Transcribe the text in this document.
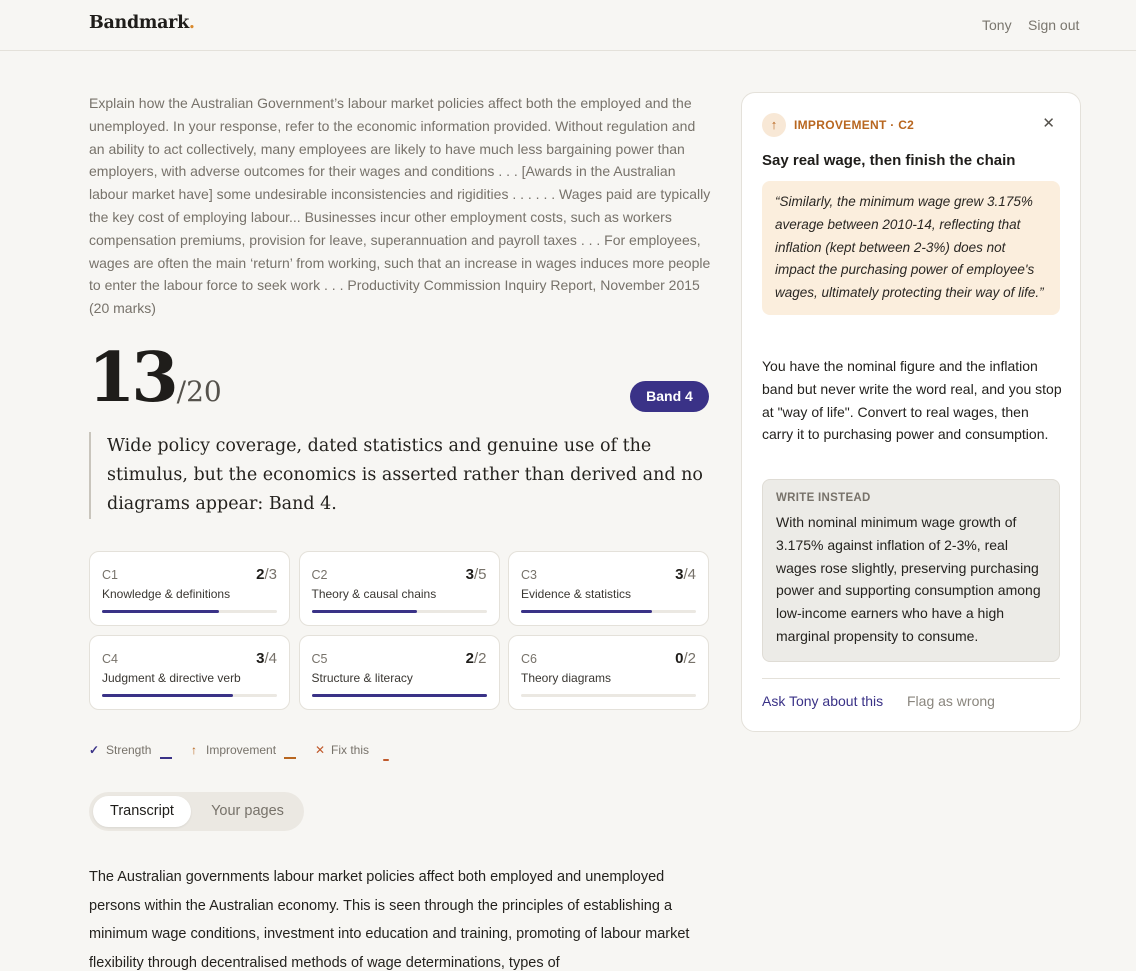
Bandmark.	Tony Sign out
Explain how the Australian Government’s labour market policies affect both the employed and the unemployed. In your response, refer to the economic information provided. Without regulation and an ability to act collectively, many employees are likely to have much less bargaining power than employers, with adverse outcomes for their wages and conditions . . . [Awards in the Australian labour market have] some undesirable inconsistencies and rigidities . . . . . . Wages paid are typically the key cost of employing labour... Businesses incur other employment costs, such as workers compensation premiums, provision for leave, superannuation and payroll taxes . . . For employees, wages are often the main ‘return’ from working, such that an increase in wages induces more people to enter the labour force to seek work . . . Productivity Commission Inquiry Report, November 2015 (20 marks)
13/20	Band 4
Wide policy coverage, dated statistics and genuine use of the stimulus, but the economics is asserted rather than derived and no diagrams appear: Band 4.
C1	2/3
Knowledge & definitions
C2	3/5
Theory & causal chains
C3	3/4
Evidence & statistics
C4	3/4
Judgment & directive verb
C5	2/2
Structure & literacy
C6	0/2
Theory diagrams
✓ Strength	↑ Improvement	✕ Fix this
Transcript	Your pages
The Australian governments labour market policies affect both employed and unemployed persons within the Australian economy. This is seen through the principles of establishing a minimum wage conditions, investment into education and training, promoting of labour market flexibility through decentralised methods of wage determinations, types of
↑	IMPROVEMENT · C2	✕
Say real wage, then finish the chain
“Similarly, the minimum wage grew 3.175% average between 2010-14, reflecting that inflation (kept between 2-3%) does not impact the purchasing power of employee's wages, ultimately protecting their way of life.”
You have the nominal figure and the inflation band but never write the word real, and you stop at "way of life". Convert to real wages, then carry it to purchasing power and consumption.
WRITE INSTEAD
With nominal minimum wage growth of 3.175% against inflation of 2-3%, real wages rose slightly, preserving purchasing power and supporting consumption among low-income earners who have a high marginal propensity to consume.
Ask Tony about this Flag as wrong
